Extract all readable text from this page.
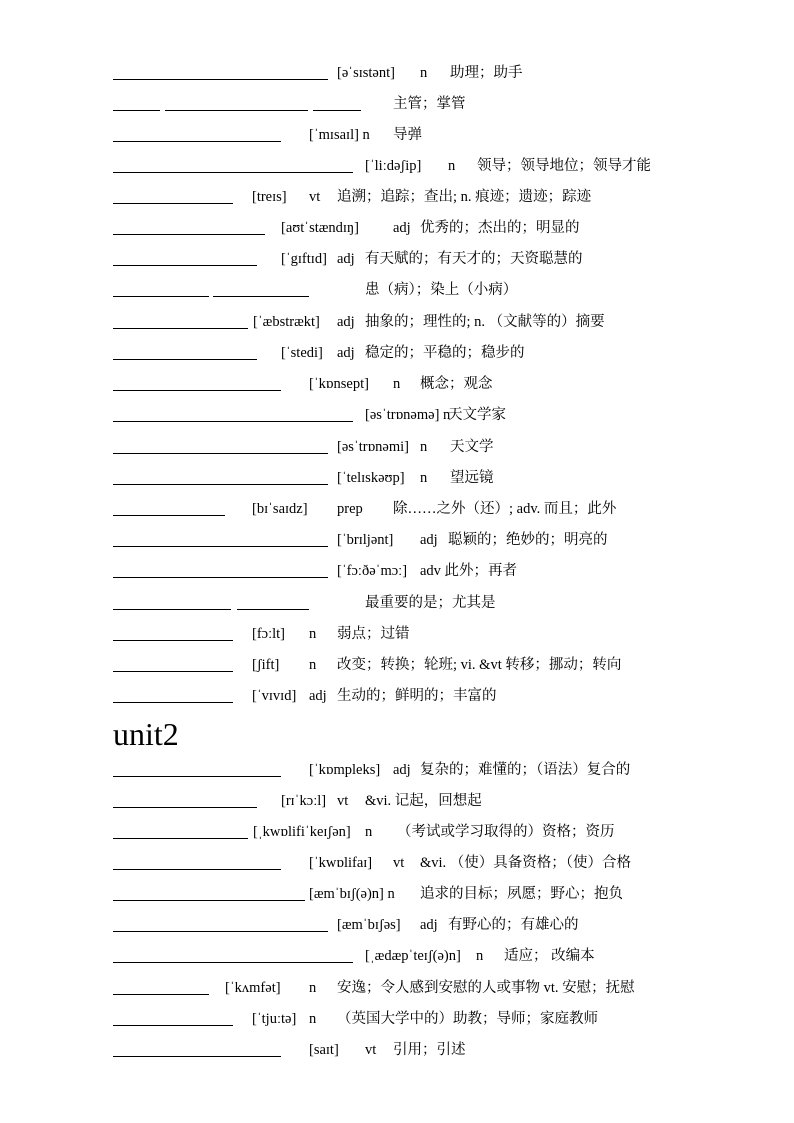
unit2
[əˈsɪstənt] n 助理；助手
主管；掌管
[ˈmɪsaɪl] n 导弹
[ˈliːdəʃip] n 领导；领导地位；领导才能
[treɪs] vt 追溯；追踪；查出; n. 痕迹；遗迹；踪迹
[aʊtˈstændɪŋ] adj 优秀的；杰出的；明显的
[ˈgɪftɪd] adj 有天赋的；有天才的；天资聪慧的
患（病）；染上（小病）
[ˈæbstrækt] adj 抽象的；理性的; n. （文献等的）摘要
[ˈstedi] adj 稳定的；平稳的；稳步的
[ˈkɒnsept] n 概念；观念
[əsˈtrɒnəmə] n
天文学家
[əsˈtrɒnəmi] n 天文学
[ˈtelɪskəʊp] n 望远镜
[bɪˈsaɪdz] prep 除……之外（还）; adv. 而且；此外
[ˈbrɪljənt] adj 聪颖的；绝妙的；明亮的
[ˈfɔːðəˈmɔː] adv 此外；再者
最重要的是；尤其是
[fɔːlt] n 弱点；过错
[ʃift] n 改变；转换；轮班; vi. &vt 转移；挪动；转向
[ˈvɪvɪd] adj 生动的；鲜明的；丰富的
[ˈkɒmpleks] adj 复杂的；难懂的；（语法）复合的
[rɪˈkɔːl] vt &vi. 记起，回想起
[ˌkwɒlifiˈkeɪʃən] n （考试或学习取得的）资格；资历
[ˈkwɒlifaɪ] vt &vi. （使）具备资格；（使）合格
[æmˈbɪʃ(ə)n] n 追求的目标；夙愿；野心；抱负
[æmˈbɪʃəs] adj 有野心的；有雄心的
[ˌædæpˈteɪʃ(ə)n] n 适应； 改编本
[ˈkʌmfət] n 安逸；令人感到安慰的人或事物 vt. 安慰；抚慰
[ˈtjuːtə] n （英国大学中的）助教；导师；家庭教师
[saɪt] vt 引用；引述
